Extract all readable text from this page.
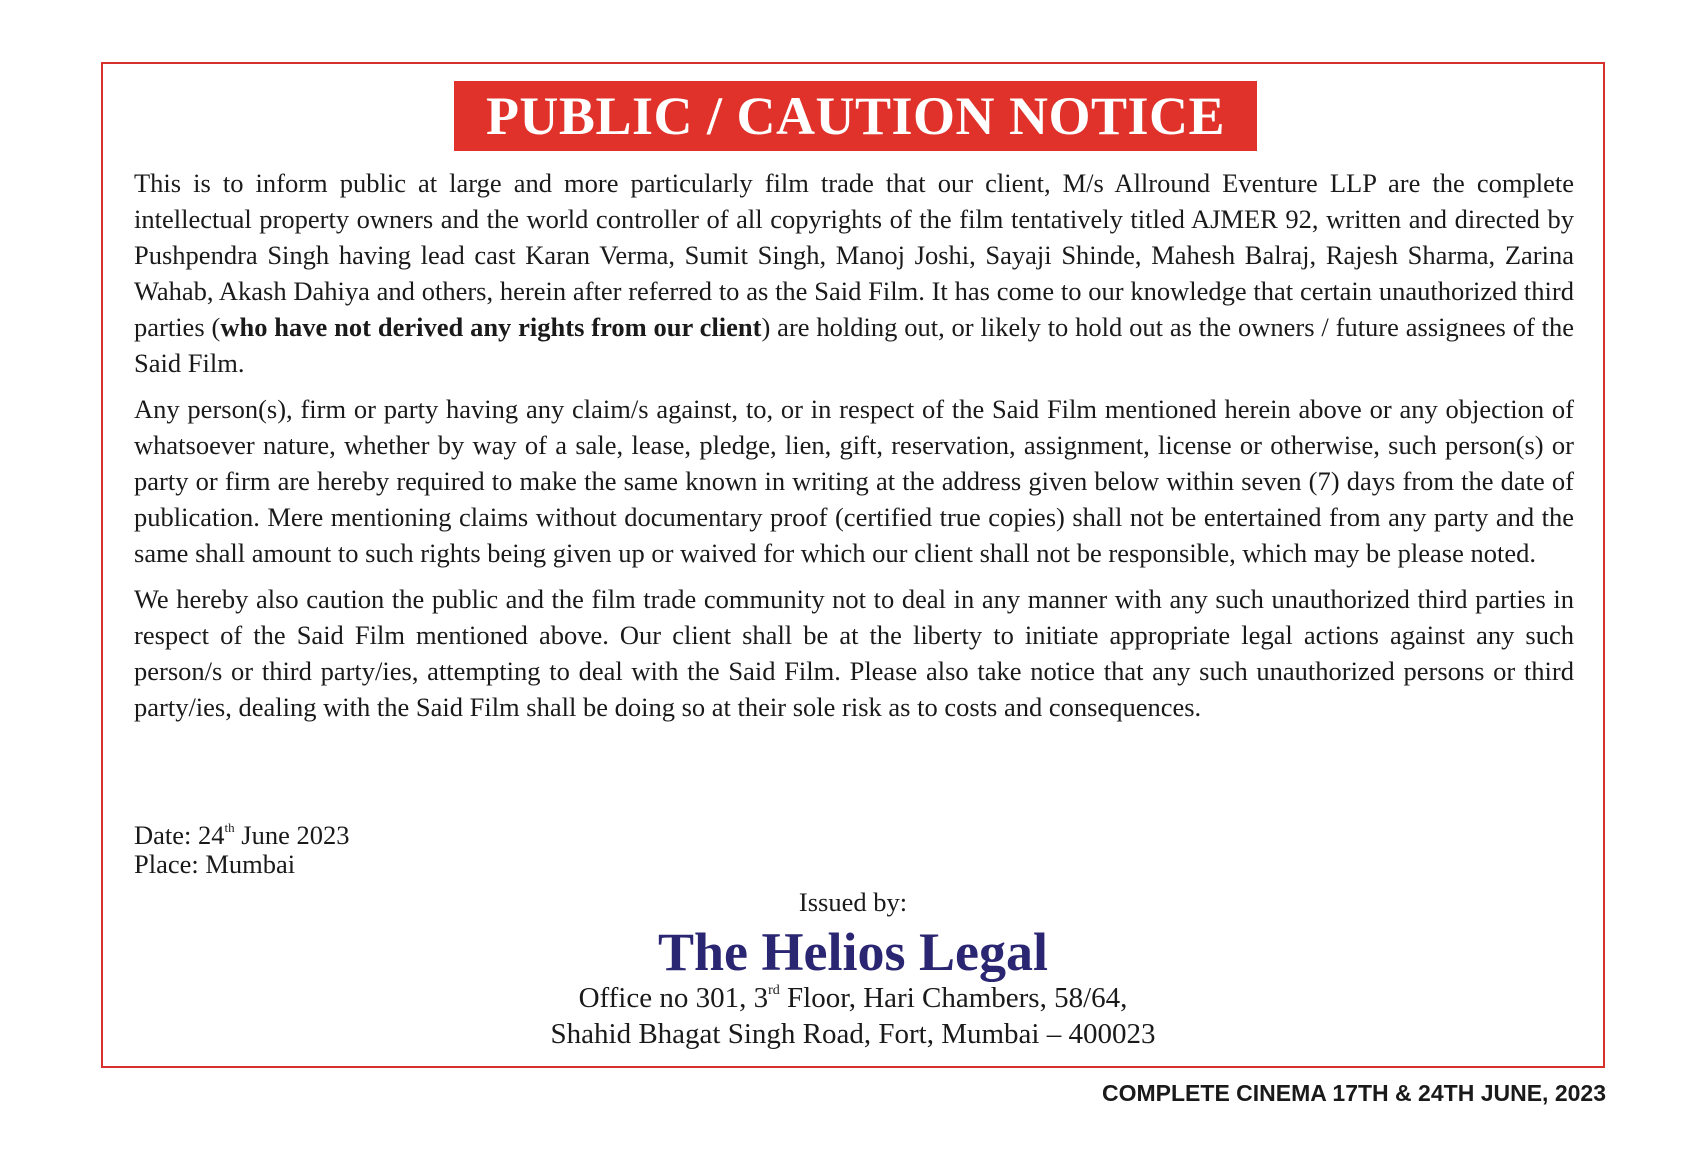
PUBLIC / CAUTION NOTICE

This is to inform public at large and more particularly film trade that our client, M/s Allround Eventure LLP are the complete intellectual property owners and the world controller of all copyrights of the film tentatively titled AJMER 92, written and directed by Pushpendra Singh having lead cast Karan Verma, Sumit Singh, Manoj Joshi, Sayaji Shinde, Mahesh Balraj, Rajesh Sharma, Zarina Wahab, Akash Dahiya and others, herein after referred to as the Said Film. It has come to our knowledge that certain unauthorized third parties (who have not derived any rights from our client) are holding out, or likely to hold out as the owners / future assignees of the Said Film.

Any person(s), firm or party having any claim/s against, to, or in respect of the Said Film mentioned herein above or any objection of whatsoever nature, whether by way of a sale, lease, pledge, lien, gift, reservation, assignment, license or otherwise, such person(s) or party or firm are hereby required to make the same known in writing at the address given below within seven (7) days from the date of publication. Mere mentioning claims without documentary proof (certified true copies) shall not be entertained from any party and the same shall amount to such rights being given up or waived for which our client shall not be responsible, which may be please noted.

We hereby also caution the public and the film trade community not to deal in any manner with any such unauthorized third parties in respect of the Said Film mentioned above. Our client shall be at the liberty to initiate appropriate legal actions against any such person/s or third party/ies, attempting to deal with the Said Film. Please also take notice that any such unauthorized persons or third party/ies, dealing with the Said Film shall be doing so at their sole risk as to costs and consequences.

Date: 24th June 2023
Place: Mumbai
Issued by:
The Helios Legal
Office no 301, 3rd Floor, Hari Chambers, 58/64,
Shahid Bhagat Singh Road, Fort, Mumbai – 400023
COMPLETE CINEMA 17TH & 24TH JUNE, 2023
